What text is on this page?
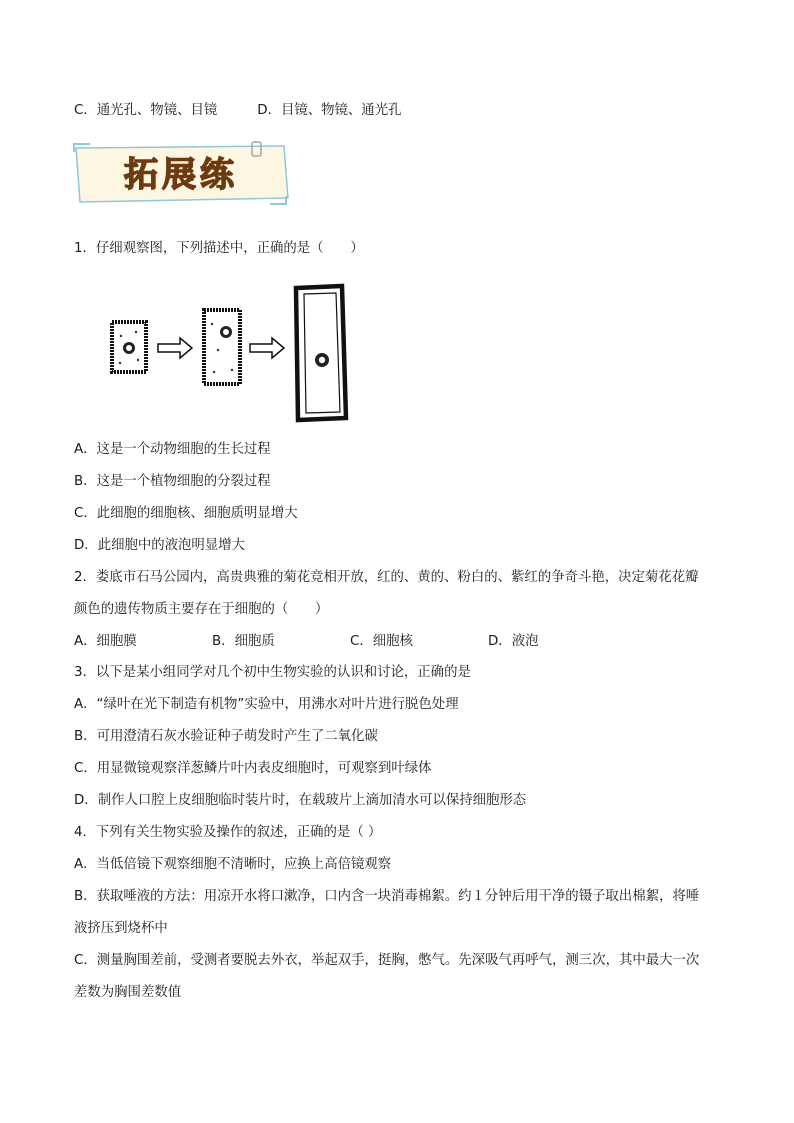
C．通光孔、物镜、目镜	D．目镜、物镜、通光孔
拓展练
1．仔细观察图，下列描述中，正确的是（　　）
A．这是一个动物细胞的生长过程
B．这是一个植物细胞的分裂过程
C．此细胞的细胞核、细胞质明显增大
D．此细胞中的液泡明显增大
2．娄底市石马公园内，高贵典雅的菊花竞相开放，红的、黄的、粉白的、紫红的争奇斗艳，决定菊花花瓣
颜色的遗传物质主要存在于细胞的（　　）
A．细胞膜	B．细胞质	C．细胞核	D．液泡
3．以下是某小组同学对几个初中生物实验的认识和讨论，正确的是
A．“绿叶在光下制造有机物”实验中，用沸水对叶片进行脱色处理
B．可用澄清石灰水验证种子萌发时产生了二氧化碳
C．用显微镜观察洋葱鳞片叶内表皮细胞时，可观察到叶绿体
D．制作人口腔上皮细胞临时装片时，在载玻片上滴加清水可以保持细胞形态
4．下列有关生物实验及操作的叙述，正确的是（ ）
A．当低倍镜下观察细胞不清晰时，应换上高倍镜观察
B．获取唾液的方法：用凉开水将口漱净，口内含一块消毒棉絮。约１分钟后用干净的镊子取出棉絮，将唾
液挤压到烧杯中
C．测量胸围差前，受测者要脱去外衣，举起双手，挺胸，憋气。先深吸气再呼气，测三次，其中最大一次
差数为胸围差数值
